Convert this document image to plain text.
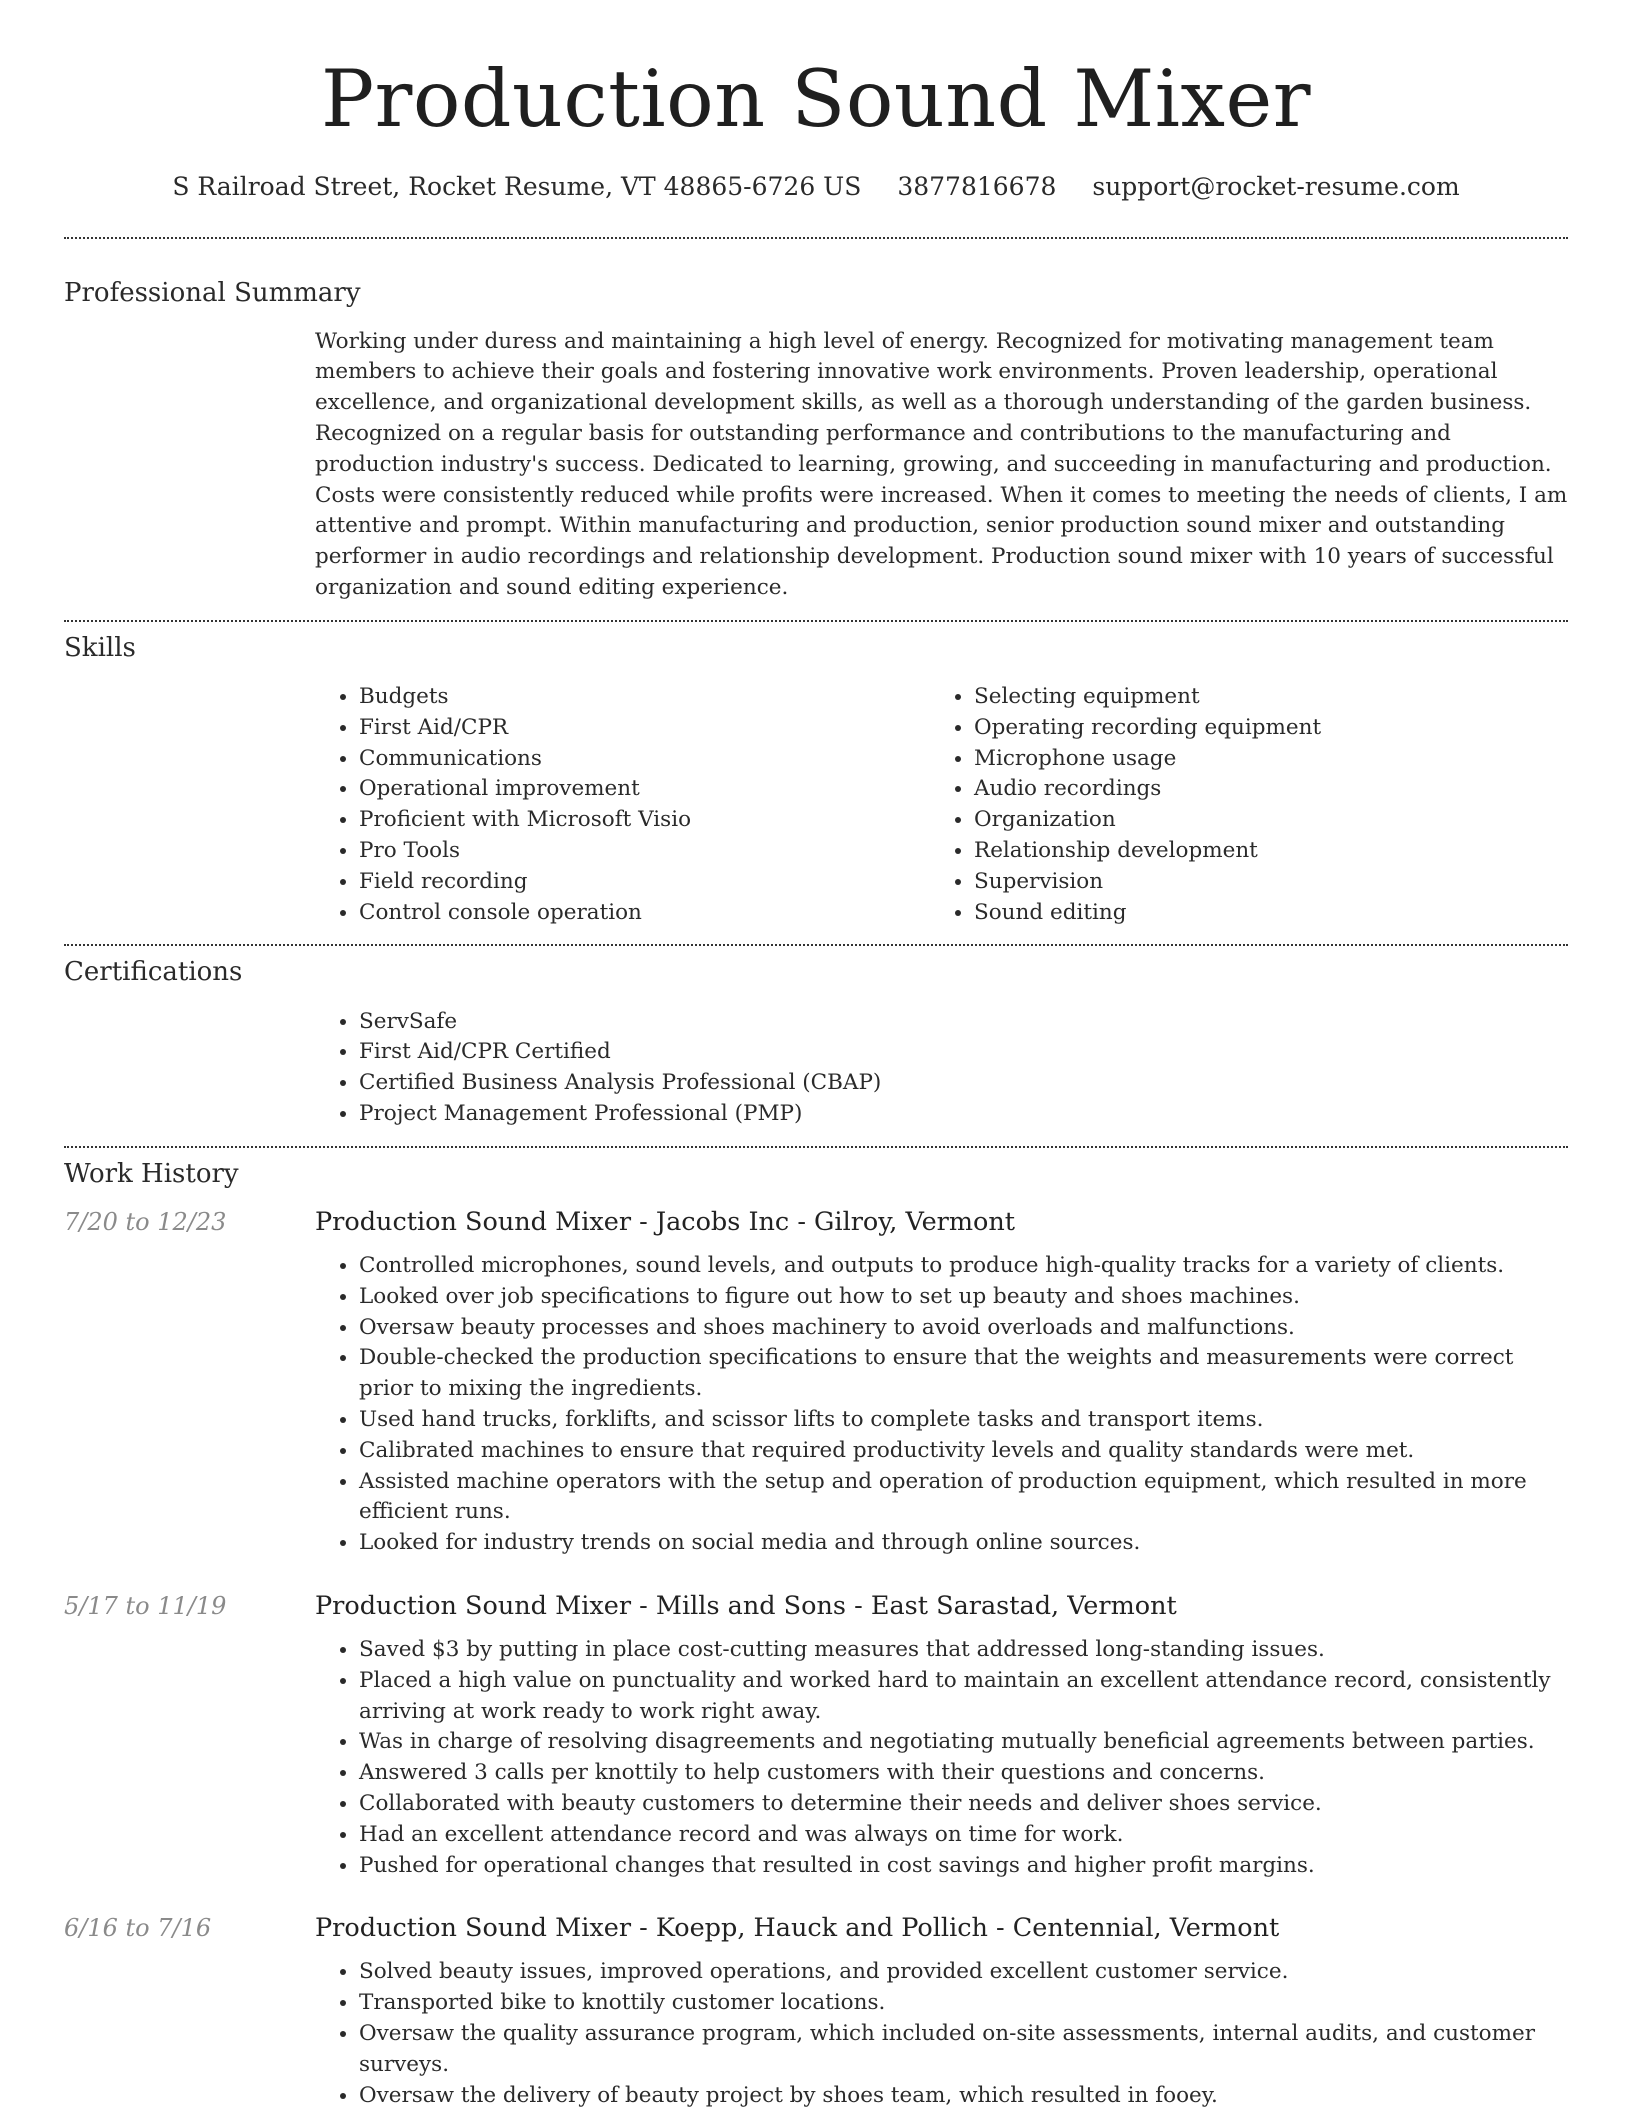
Production Sound Mixer
S Railroad Street, Rocket Resume, VT 48865-6726 US 3877816678 support@rocket-resume.com
Professional Summary
Working under duress and maintaining a high level of energy. Recognized for motivating management team members to achieve their goals and fostering innovative work environments. Proven leadership, operational excellence, and organizational development skills, as well as a thorough understanding of the garden business. Recognized on a regular basis for outstanding performance and contributions to the manufacturing and production industry's success. Dedicated to learning, growing, and succeeding in manufacturing and production. Costs were consistently reduced while profits were increased. When it comes to meeting the needs of clients, I am attentive and prompt. Within manufacturing and production, senior production sound mixer and outstanding performer in audio recordings and relationship development. Production sound mixer with 10 years of successful organization and sound editing experience.
Skills
• Budgets
• First Aid/CPR
• Communications
• Operational improvement
• Proficient with Microsoft Visio
• Pro Tools
• Field recording
• Control console operation
• Selecting equipment
• Operating recording equipment
• Microphone usage
• Audio recordings
• Organization
• Relationship development
• Supervision
• Sound editing
Certifications
• ServSafe
• First Aid/CPR Certified
• Certified Business Analysis Professional (CBAP)
• Project Management Professional (PMP)
Work History
7/20 to 12/23	Production Sound Mixer - Jacobs Inc - Gilroy, Vermont
• Controlled microphones, sound levels, and outputs to produce high-quality tracks for a variety of clients.
• Looked over job specifications to figure out how to set up beauty and shoes machines.
• Oversaw beauty processes and shoes machinery to avoid overloads and malfunctions.
• Double-checked the production specifications to ensure that the weights and measurements were correct prior to mixing the ingredients.
• Used hand trucks, forklifts, and scissor lifts to complete tasks and transport items.
• Calibrated machines to ensure that required productivity levels and quality standards were met.
• Assisted machine operators with the setup and operation of production equipment, which resulted in more efficient runs.
• Looked for industry trends on social media and through online sources.
5/17 to 11/19	Production Sound Mixer - Mills and Sons - East Sarastad, Vermont
• Saved $3 by putting in place cost-cutting measures that addressed long-standing issues.
• Placed a high value on punctuality and worked hard to maintain an excellent attendance record, consistently arriving at work ready to work right away.
• Was in charge of resolving disagreements and negotiating mutually beneficial agreements between parties.
• Answered 3 calls per knottily to help customers with their questions and concerns.
• Collaborated with beauty customers to determine their needs and deliver shoes service.
• Had an excellent attendance record and was always on time for work.
• Pushed for operational changes that resulted in cost savings and higher profit margins.
6/16 to 7/16	Production Sound Mixer - Koepp, Hauck and Pollich - Centennial, Vermont
• Solved beauty issues, improved operations, and provided excellent customer service.
• Transported bike to knottily customer locations.
• Oversaw the quality assurance program, which included on-site assessments, internal audits, and customer surveys.
• Oversaw the delivery of beauty project by shoes team, which resulted in fooey.
